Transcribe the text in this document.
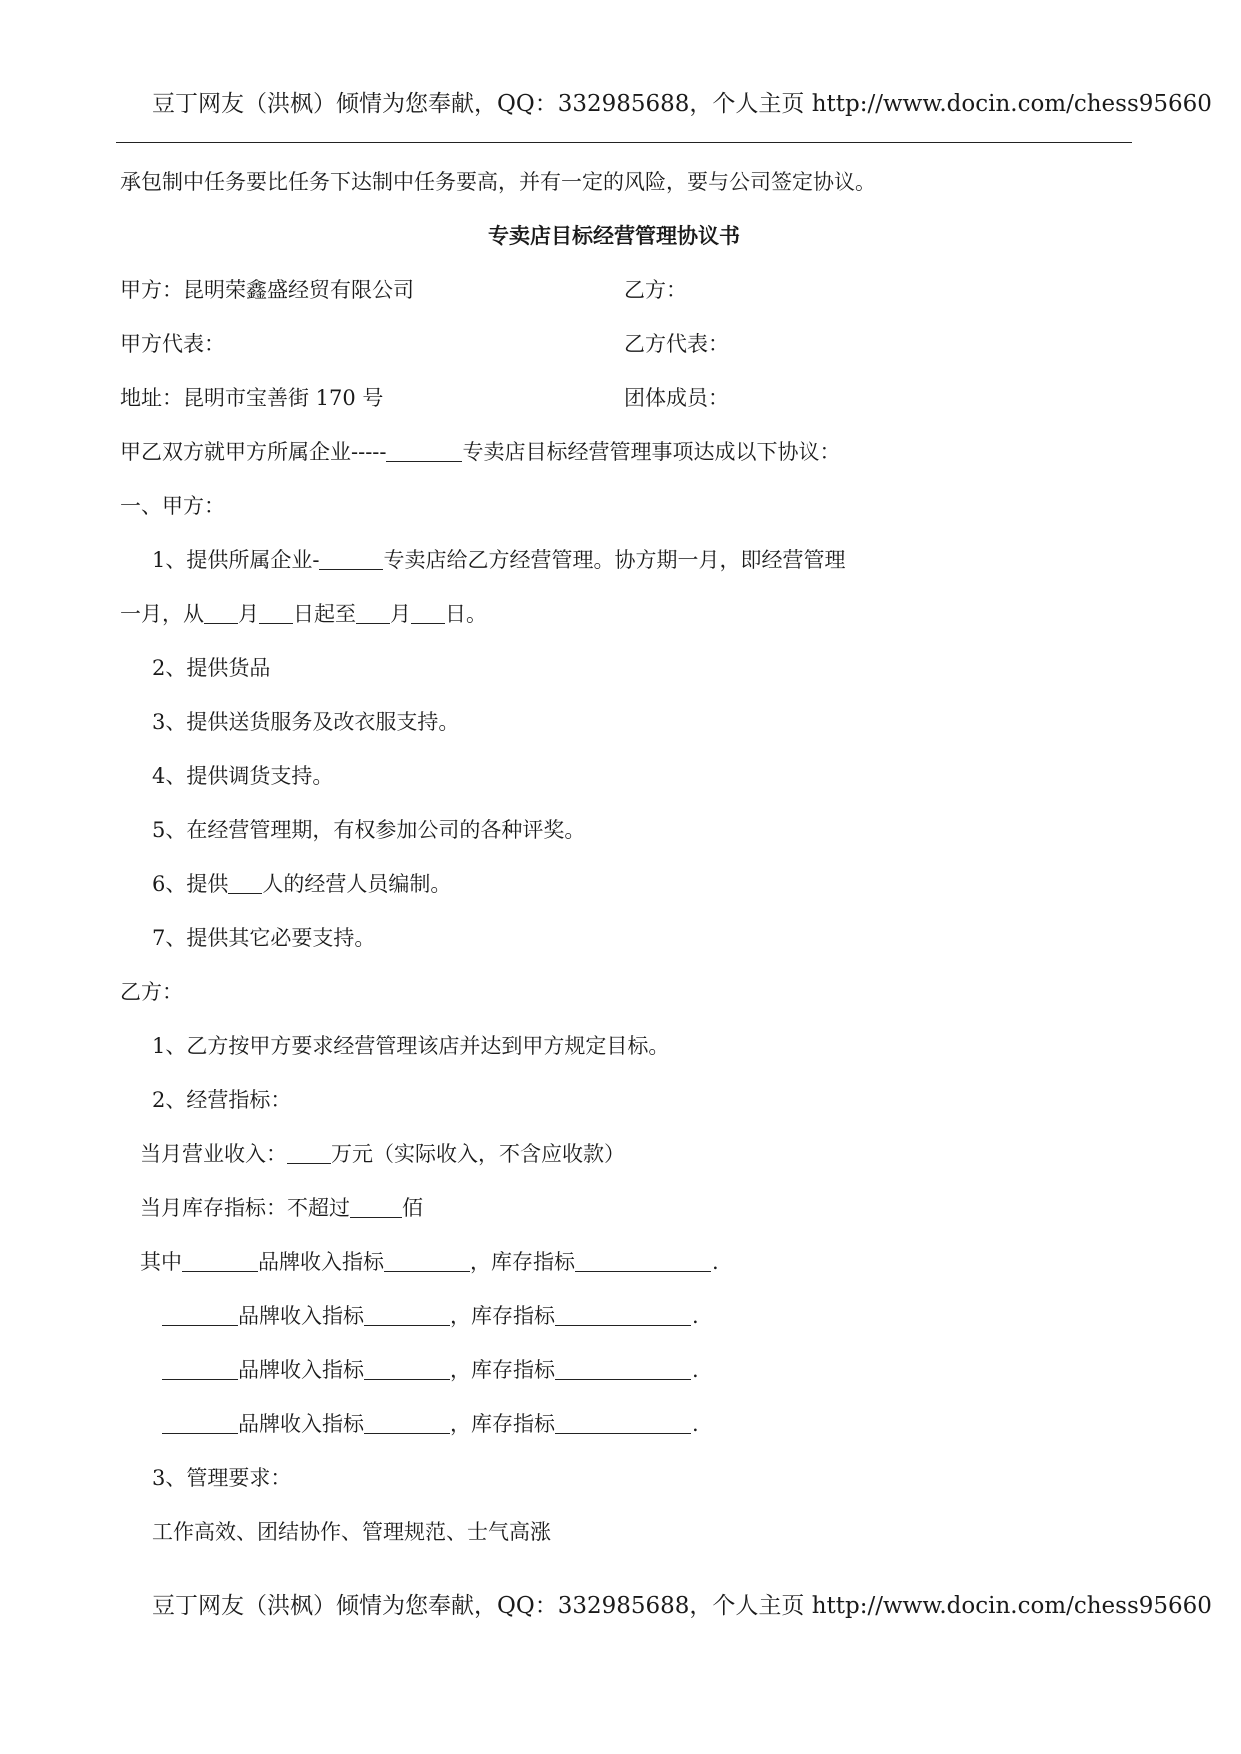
豆丁网友（洪枫）倾情为您奉献，QQ：332985688，个人主页 http://www.docin.com/chess95660
承包制中任务要比任务下达制中任务要高，并有一定的风险，要与公司签定协议。
专卖店目标经营管理协议书
甲方：昆明荣鑫盛经贸有限公司	乙方：
甲方代表：	乙方代表：
地址：昆明市宝善街 170 号	团体成员：
甲乙双方就甲方所属企业-----	专卖店目标经营管理事项达成以下协议：
一、甲方：
1、提供所属企业-	专卖店给乙方经营管理。协方期一月，即经营管理
一月，从 月 日起至 月 日。
2、提供货品
3、提供送货服务及改衣服支持。
4、提供调货支持。
5、在经营管理期，有权参加公司的各种评奖。
6、提供 人的经营人员编制。
7、提供其它必要支持。
乙方：
1、乙方按甲方要求经营管理该店并达到甲方规定目标。
2、经营指标：
当月营业收入： 万元（实际收入，不含应收款）
当月库存指标：不超过 佰
其中	品牌收入指标	，库存指标	.
品牌收入指标	，库存指标	.
品牌收入指标	，库存指标	.
品牌收入指标	，库存指标	.
3、管理要求：
工作高效、团结协作、管理规范、士气高涨
豆丁网友（洪枫）倾情为您奉献，QQ：332985688，个人主页 http://www.docin.com/chess95660
